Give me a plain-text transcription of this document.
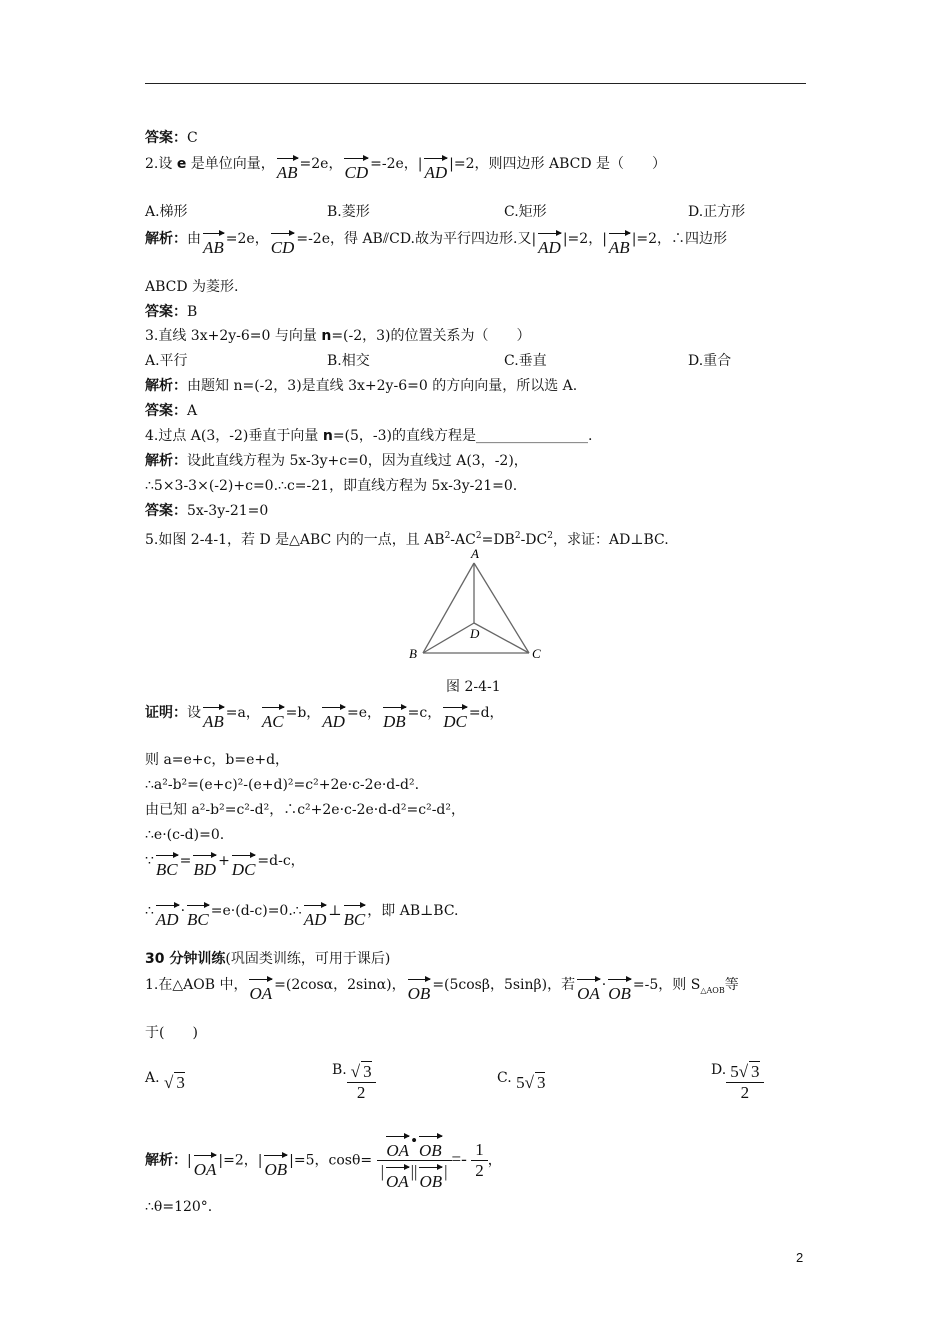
答案：C
2.设 e 是单位向量， AB =2e， CD =-2e，| AD |=2，则四边形 ABCD 是（　　）
A.梯形	B.菱形	C.矩形	D.正方形
解析：由 AB =2e， CD =-2e，得 AB⫽CD.故为平行四边形.又| AD |=2，| AB |=2，∴四边形
ABCD 为菱形.
答案：B
3.直线 3x+2y-6=0 与向量 n=(-2，3)的位置关系为（　　）
A.平行	B.相交	C.垂直	D.重合
解析：由题知 n=(-2，3)是直线 3x+2y-6=0 的方向向量，所以选 A.
答案：A
4.过点 A(3，-2)垂直于向量 n=(5，-3)的直线方程是________________.
解析：设此直线方程为 5x-3y+c=0，因为直线过 A(3，-2)，
∴5×3-3×(-2)+c=0.∴c=-21，即直线方程为 5x-3y-21=0.
答案：5x-3y-21=0
5.如图 2-4-1，若 D 是△ABC 内的一点，且 $AB^2-AC^2=DB^2-DC^2$，求证：AD⊥BC.
A
B	C
D
图 2-4-1
证明：设 AB =a， AC =b， AD =e， DB =c， DC =d，
则 a=e+c，b=e+d，
∴a²-b²=(e+c)²-(e+d)²=c²+2e·c-2e·d-d².
由已知 a²-b²=c²-d²，∴c²+2e·c-2e·d-d²=c²-d²，
∴e·(c-d)=0.
∵ BC = BD + DC =d-c，
∴ AD · BC =e·(d-c)=0.∴ AD ⊥ BC ，即 AB⊥BC.
30 分钟训练(巩固类训练，可用于课后)
1.在△AOB 中， OA =(2cosα，2sinα)， OB =(5cosβ，5sinβ)，若 OA · OB =-5，则 $S_{\triangle AOB}$等
于(　　)
A. √ 3
B. $\frac{√ 3}{2}$	C. 5√ 3
D. $\frac{5√ 3}{2}$
解析：| OA |=2，| OB |=5，cosθ= OA•
OB
|
OA||
$OB| =- \frac{1}{2}$ ，
∴θ=120°.
2
